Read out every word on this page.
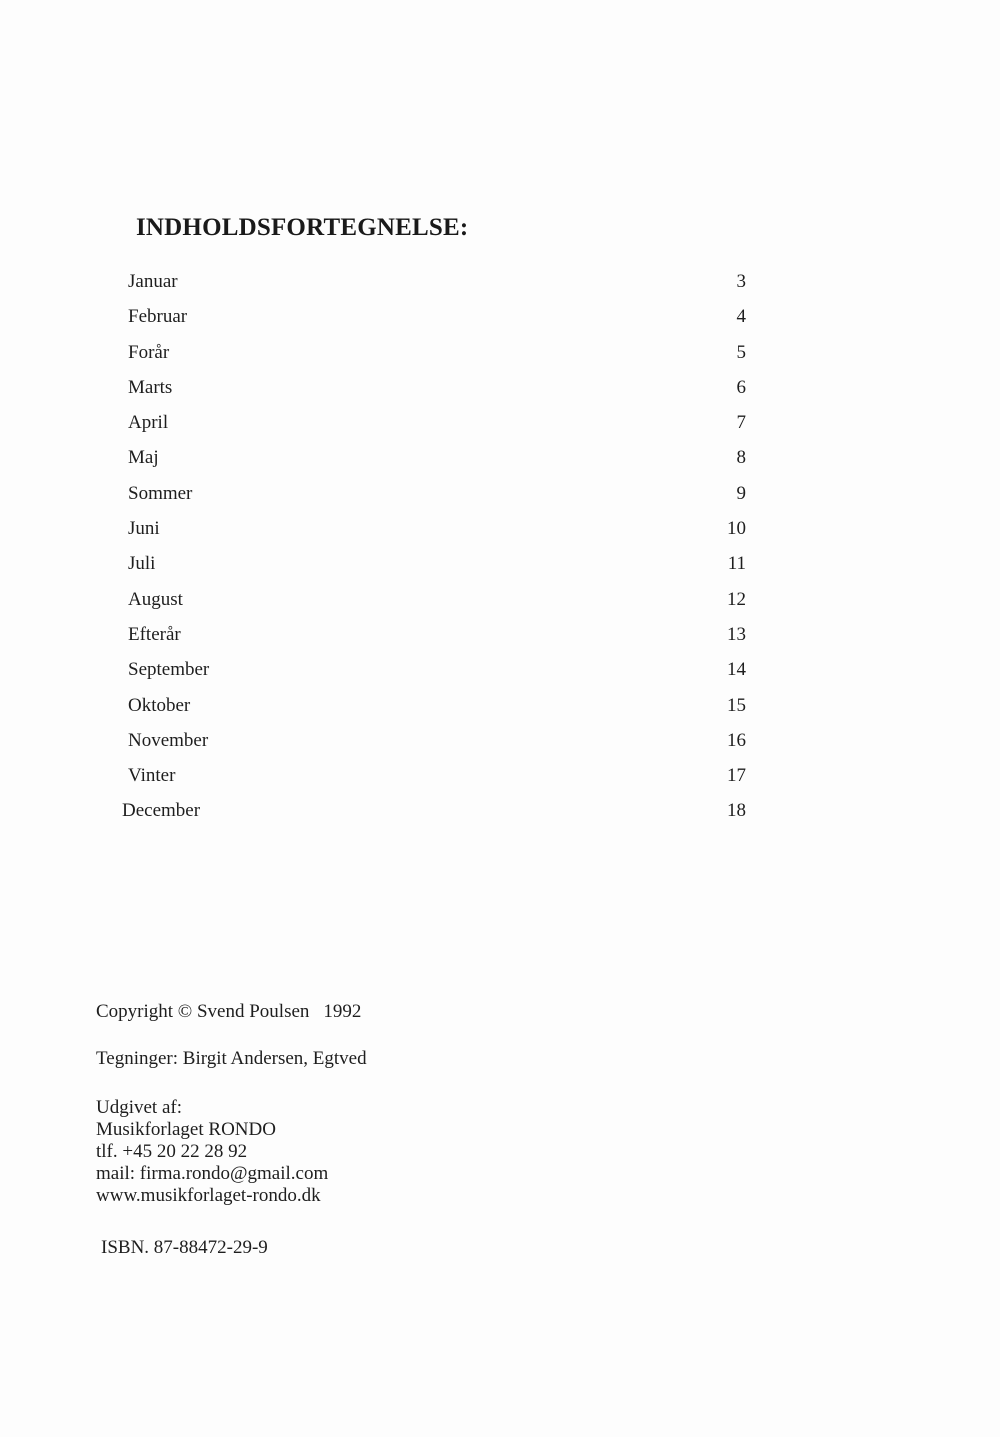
INDHOLDSFORTEGNELSE:
Januar	3
Februar	4
Forår	5
Marts	6
April	7
Maj	8
Sommer	9
Juni	10
Juli	11
August	12
Efterår	13
September	14
Oktober	15
November	16
Vinter	17
December	18
Copyright © Svend Poulsen 1992
Tegninger: Birgit Andersen, Egtved
Udgivet af:
Musikforlaget RONDO
tlf. +45 20 22 28 92
mail: firma.rondo@gmail.com
www.musikforlaget-rondo.dk
ISBN. 87-88472-29-9
